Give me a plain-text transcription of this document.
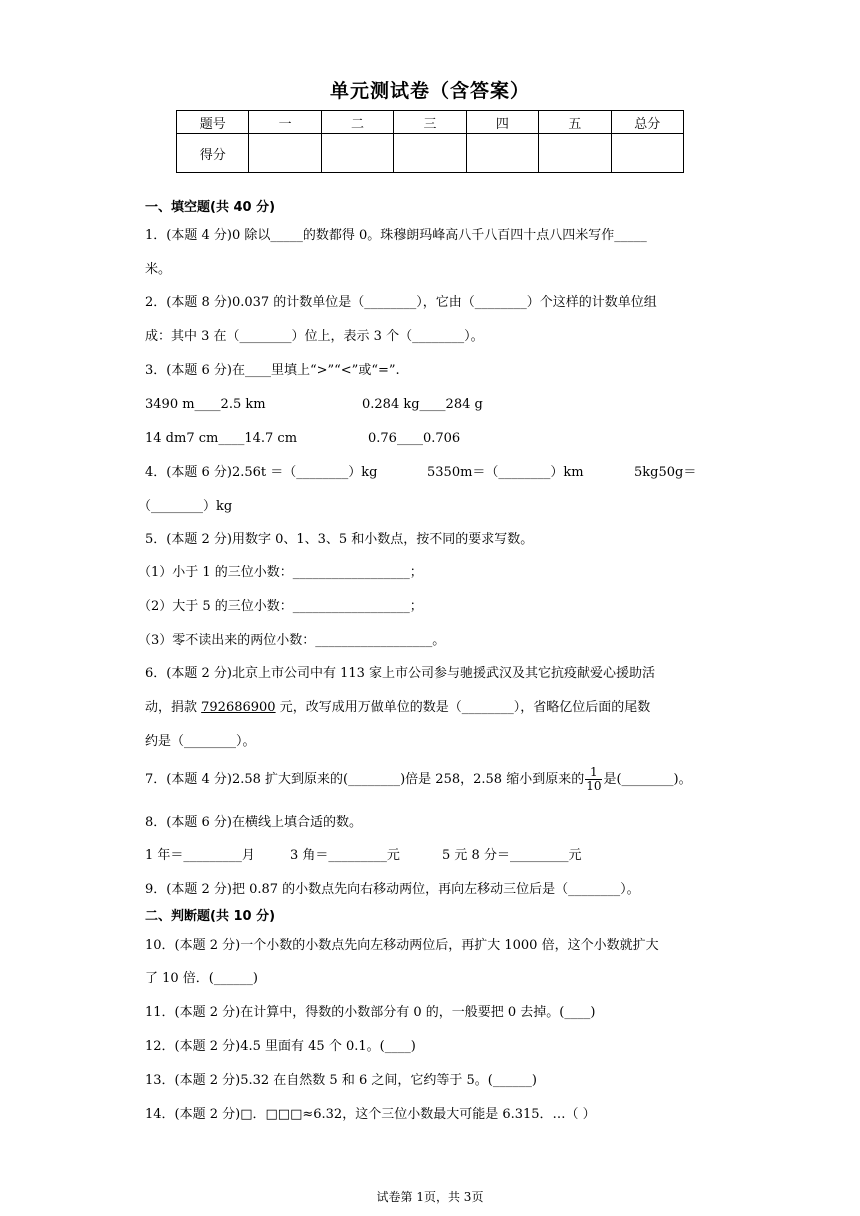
单元测试卷（含答案）
题号	一	二	三	四	五	总分
得分						
一、填空题(共 40 分)
1．(本题 4 分)0 除以_____的数都得 0。珠穆朗玛峰高八千八百四十点八四米写作_____
米。
2．(本题 8 分)0.037 的计数单位是（________），它由（________）个这样的计数单位组
成：其中 3 在（________）位上，表示 3 个（________）。
3．(本题 6 分)在____里填上“>”“<”或“=”.
3490 m____2.5 km	0.284 kg____284 g
14 dm7 cm____14.7 cm	0.76____0.706
4．(本题 6 分)2.56t ＝（________）kg	5350m＝（________）km	5kg50g＝
（________）kg
5．(本题 2 分)用数字 0、1、3、5 和小数点，按不同的要求写数。
（1）小于 1 的三位小数：__________________；
（2）大于 5 的三位小数：__________________；
（3）零不读出来的两位小数：__________________。
6．(本题 2 分)北京上市公司中有 113 家上市公司参与驰援武汉及其它抗疫献爱心援助活
动，捐款 792686900 元，改写成用万做单位的数是（________），省略亿位后面的尾数
约是（________）。
7．(本题 4 分)2.58 扩大到原来的(________)倍是 258，2.58 缩小到原来的 $\frac{1}{10}$ 是(________)。
8．(本题 6 分)在横线上填合适的数。
1 年＝_________月	3 角＝_________元	5 元 8 分＝_________元
9．(本题 2 分)把 0.87 的小数点先向右移动两位，再向左移动三位后是（________）。
二、判断题(共 10 分)
10．(本题 2 分)一个小数的小数点先向左移动两位后，再扩大 1000 倍，这个小数就扩大
了 10 倍．(______)
11．(本题 2 分)在计算中，得数的小数部分有 0 的，一般要把 0 去掉。(____)
12．(本题 2 分)4.5 里面有 45 个 0.1。(____)
13．(本题 2 分)5.32 在自然数 5 和 6 之间，它约等于 5。(______)
14．(本题 2 分)□．□□□≈6.32，这个三位小数最大可能是 6.315．…（ ）
试卷第 1页，共 3页
